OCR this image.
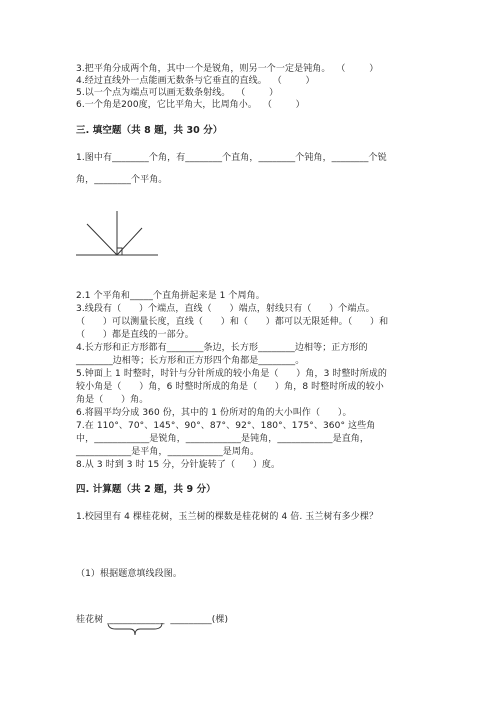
3.把平角分成两个角，其中一个是锐角，则另一个一定是钝角。  （        ）
4.经过直线外一点能画无数条与它垂直的直线。  （        ）
5.以一个点为端点可以画无数条射线。  （        ）
6.一个角是200度，它比平角大，比周角小。  （        ）
三. 填空题（共 8 题，共 30 分）
1.图中有________个角，有________个直角，________个钝角，________个锐
角，________个平角。
2.1 个平角和_____个直角拼起来是 1 个周角。
3.线段有（      ）个端点，直线（      ）端点，射线只有（      ）个端点。
（      ）可以测量长度，直线（      ）和（      ）都可以无限延伸。（      ）和
（      ）都是直线的一部分。
4.长方形和正方形都有________条边，长方形________边相等；正方形的
________边相等；长方形和正方形四个角都是________。
5.钟面上 1 时整时，时针与分针所成的较小角是（      ）角，3 时整时所成的
较小角是（      ）角，6 时整时所成的角是（      ）角，8 时整时所成的较小
角是（      ）角。
6.将圆平均分成 360 份，其中的 1 份所对的角的大小叫作（      ）。
7.在 110°、70°、145°、90°、87°、92°、180°、175°、360° 这些角
中，____________是锐角，____________是钝角，____________是直角，
____________是平角，____________是周角。
8.从 3 时到 3 时 15 分，分针旋转了（      ）度。
四. 计算题（共 2 题，共 9 分）
1.校园里有 4 棵桂花树，玉兰树的棵数是桂花树的 4 倍. 玉兰树有多少棵？
（1）根据题意填线段图。
桂花树  ____________  _________(棵)
